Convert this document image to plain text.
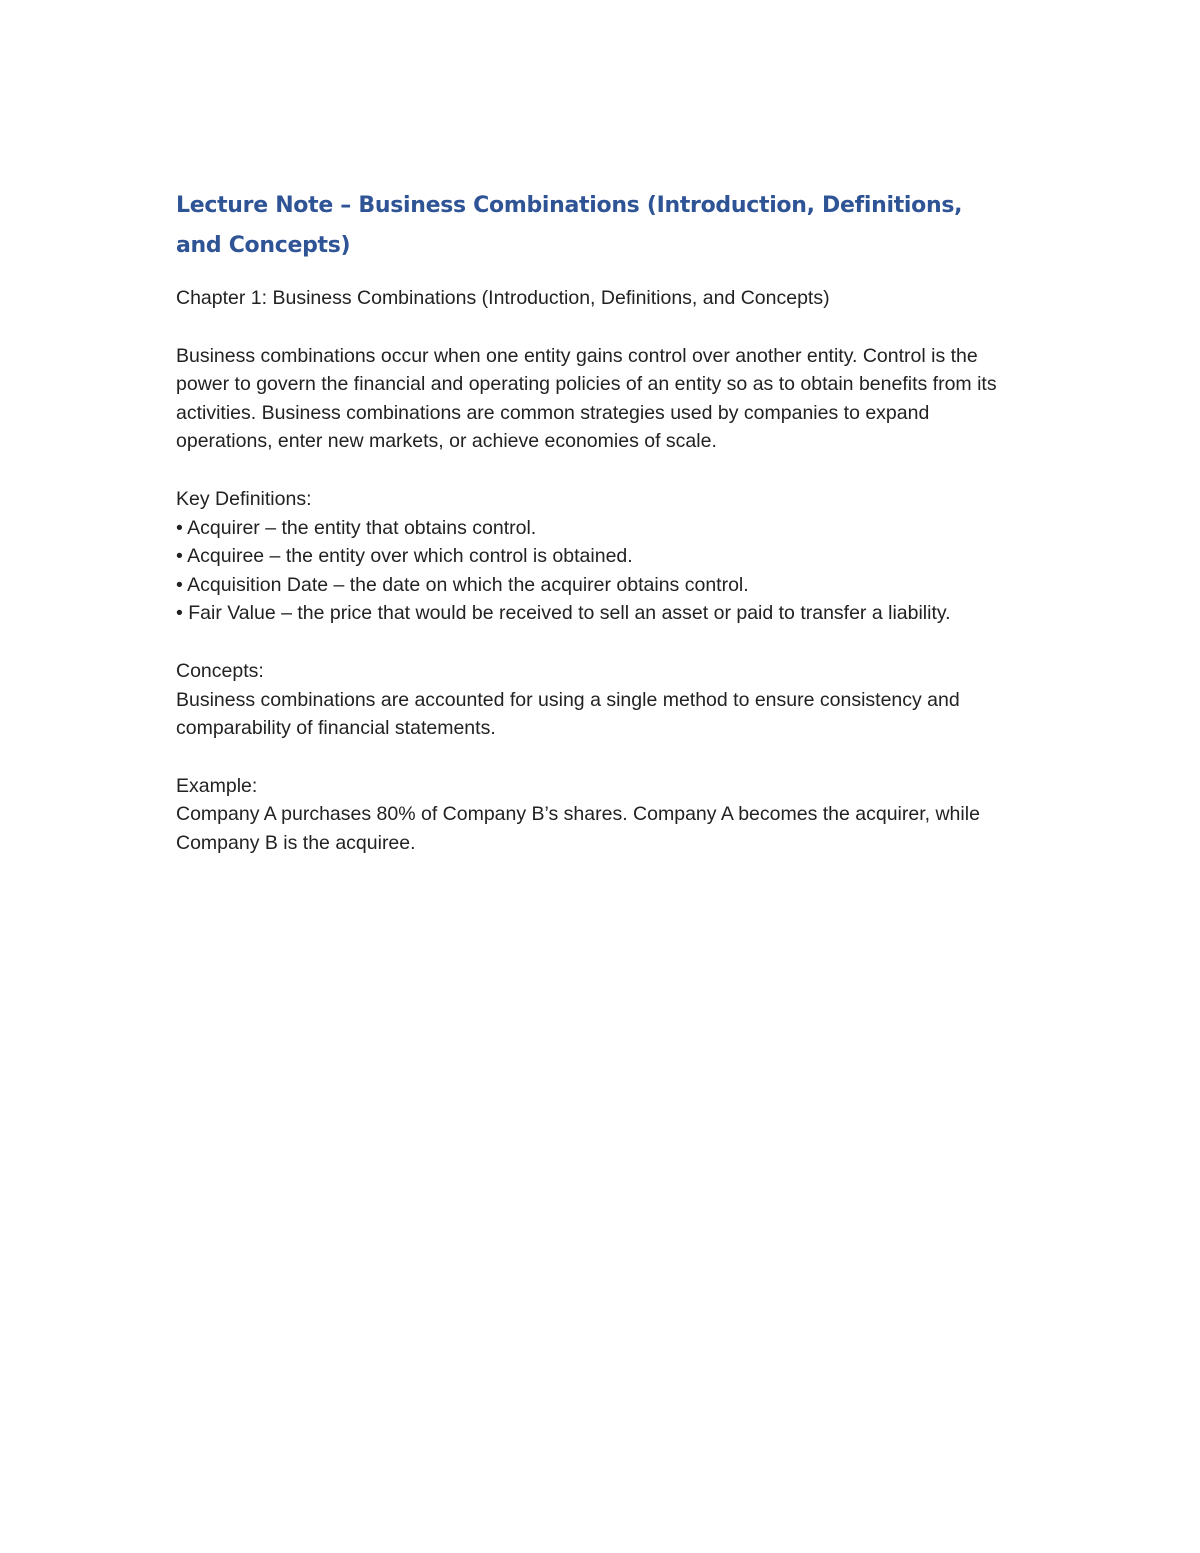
Lecture Note – Business Combinations (Introduction, Definitions, and Concepts)

Chapter 1: Business Combinations (Introduction, Definitions, and Concepts)

Business combinations occur when one entity gains control over another entity. Control is the power to govern the financial and operating policies of an entity so as to obtain benefits from its activities. Business combinations are common strategies used by companies to expand operations, enter new markets, or achieve economies of scale.

Key Definitions:
• Acquirer – the entity that obtains control.
• Acquiree – the entity over which control is obtained.
• Acquisition Date – the date on which the acquirer obtains control.
• Fair Value – the price that would be received to sell an asset or paid to transfer a liability.
Concepts:
Business combinations are accounted for using a single method to ensure consistency and comparability of financial statements.
Example:
Company A purchases 80% of Company B’s shares. Company A becomes the acquirer, while Company B is the acquiree.
